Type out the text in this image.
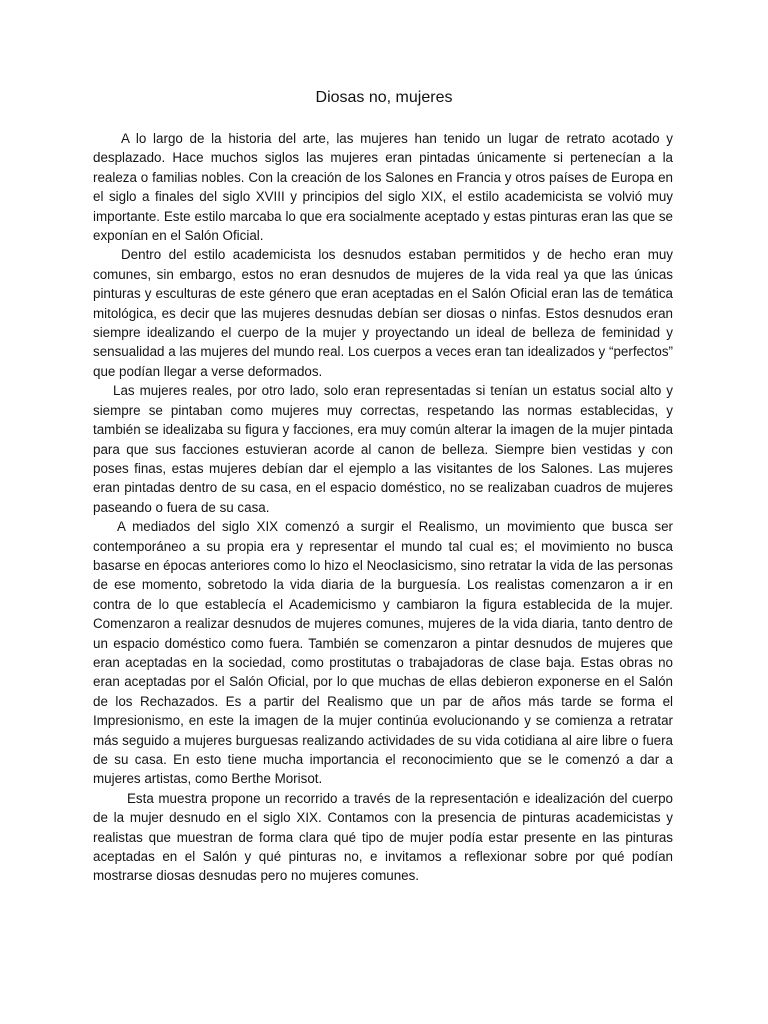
Diosas no, mujeres

A lo largo de la historia del arte, las mujeres han tenido un lugar de retrato acotado y desplazado. Hace muchos siglos las mujeres eran pintadas únicamente si pertenecían a la realeza o familias nobles. Con la creación de los Salones en Francia y otros países de Europa en el siglo a finales del siglo XVIII y principios del siglo XIX, el estilo academicista se volvió muy importante. Este estilo marcaba lo que era socialmente aceptado y estas pinturas eran las que se exponían en el Salón Oficial.

Dentro del estilo academicista los desnudos estaban permitidos y de hecho eran muy comunes, sin embargo, estos no eran desnudos de mujeres de la vida real ya que las únicas pinturas y esculturas de este género que eran aceptadas en el Salón Oficial eran las de temática mitológica, es decir que las mujeres desnudas debían ser diosas o ninfas. Estos desnudos eran siempre idealizando el cuerpo de la mujer y proyectando un ideal de belleza de feminidad y sensualidad a las mujeres del mundo real. Los cuerpos a veces eran tan idealizados y “perfectos” que podían llegar a verse deformados.

Las mujeres reales, por otro lado, solo eran representadas si tenían un estatus social alto y siempre se pintaban como mujeres muy correctas, respetando las normas establecidas, y también se idealizaba su figura y facciones, era muy común alterar la imagen de la mujer pintada para que sus facciones estuvieran acorde al canon de belleza. Siempre bien vestidas y con poses finas, estas mujeres debían dar el ejemplo a las visitantes de los Salones. Las mujeres eran pintadas dentro de su casa, en el espacio doméstico, no se realizaban cuadros de mujeres paseando o fuera de su casa.

A mediados del siglo XIX comenzó a surgir el Realismo, un movimiento que busca ser contemporáneo a su propia era y representar el mundo tal cual es; el movimiento no busca basarse en épocas anteriores como lo hizo el Neoclasicismo, sino retratar la vida de las personas de ese momento, sobretodo la vida diaria de la burguesía. Los realistas comenzaron a ir en contra de lo que establecía el Academicismo y cambiaron la figura establecida de la mujer. Comenzaron a realizar desnudos de mujeres comunes, mujeres de la vida diaria, tanto dentro de un espacio doméstico como fuera. También se comenzaron a pintar desnudos de mujeres que eran aceptadas en la sociedad, como prostitutas o trabajadoras de clase baja. Estas obras no eran aceptadas por el Salón Oficial, por lo que muchas de ellas debieron exponerse en el Salón de los Rechazados. Es a partir del Realismo que un par de años más tarde se forma el Impresionismo, en este la imagen de la mujer continúa evolucionando y se comienza a retratar más seguido a mujeres burguesas realizando actividades de su vida cotidiana al aire libre o fuera de su casa. En esto tiene mucha importancia el reconocimiento que se le comenzó a dar a mujeres artistas, como Berthe Morisot.

Esta muestra propone un recorrido a través de la representación e idealización del cuerpo de la mujer desnudo en el siglo XIX. Contamos con la presencia de pinturas academicistas y realistas que muestran de forma clara qué tipo de mujer podía estar presente en las pinturas aceptadas en el Salón y qué pinturas no, e invitamos a reflexionar sobre por qué podían mostrarse diosas desnudas pero no mujeres comunes.
